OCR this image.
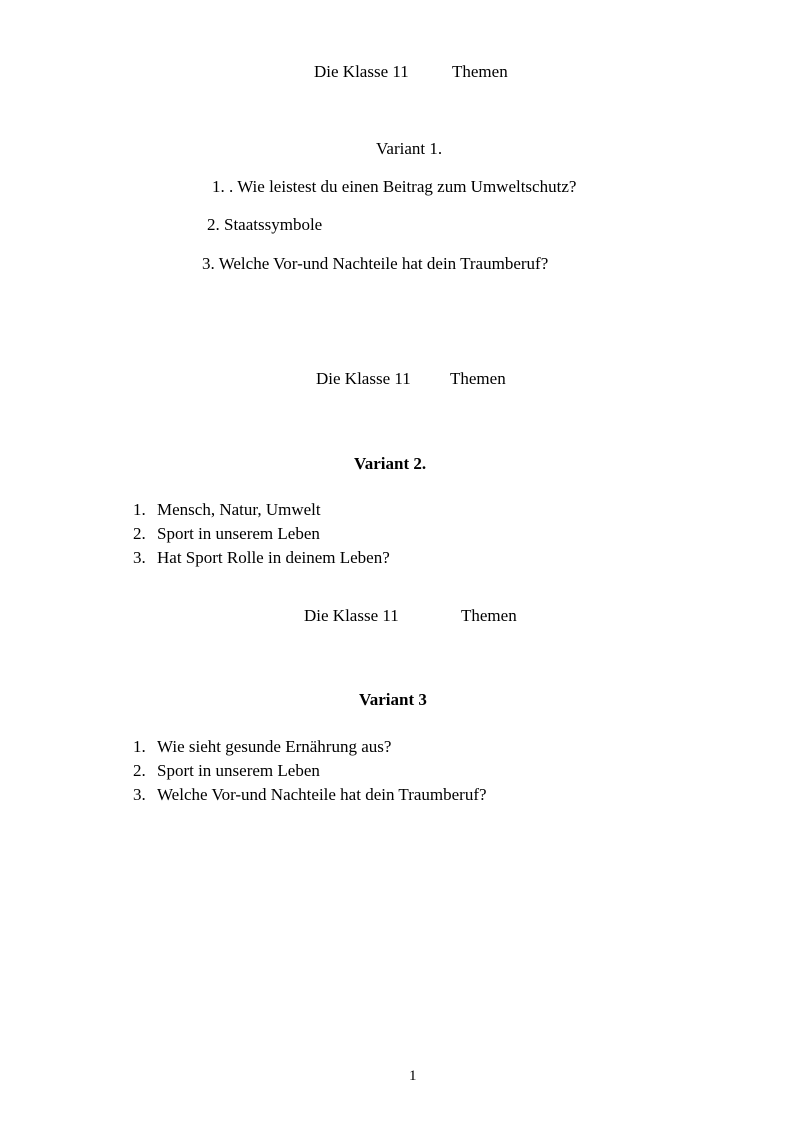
Die Klasse 11	Themen
Variant 1.
1. . Wie leistest du einen Beitrag zum Umweltschutz?
2. Staatssymbole
3. Welche Vor-und Nachteile hat dein Traumberuf?
Die Klasse 11 Themen
Variant 2.
1. Mensch, Natur, Umwelt
2. Sport in unserem Leben
3. Hat Sport Rolle in deinem Leben?
Die Klasse 11	Themen
Variant 3
1. Wie sieht gesunde Ernährung aus?
2. Sport in unserem Leben
3. Welche Vor-und Nachteile hat dein Traumberuf?
1
